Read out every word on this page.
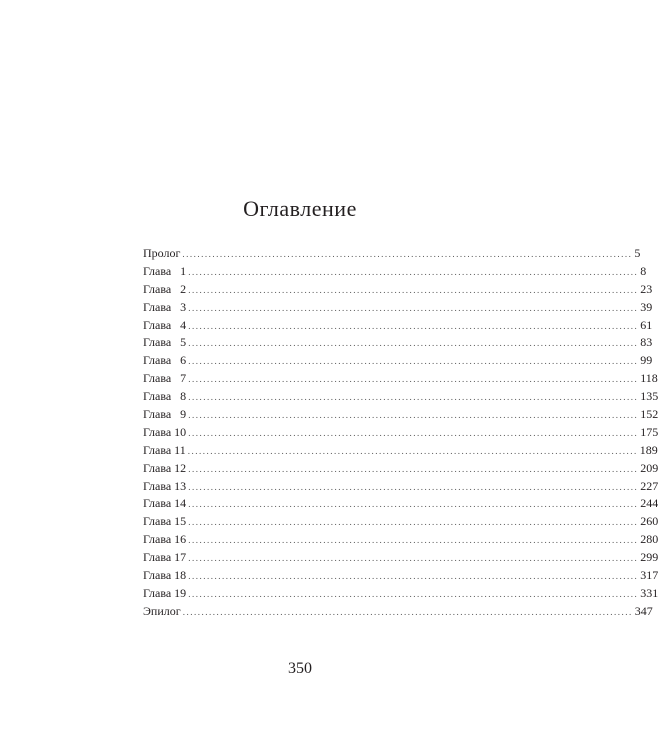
Оглавление
Пролог ........................................................................................................................ 5
Глава   1 ........................................................................................................................ 8
Глава   2 ........................................................................................................................ 23
Глава   3 ........................................................................................................................ 39
Глава   4 ........................................................................................................................ 61
Глава   5 ........................................................................................................................ 83
Глава   6 ........................................................................................................................ 99
Глава   7 ........................................................................................................................ 118
Глава   8 ........................................................................................................................ 135
Глава   9 ........................................................................................................................ 152
Глава 10 ........................................................................................................................ 175
Глава 11 ........................................................................................................................ 189
Глава 12 ........................................................................................................................ 209
Глава 13 ........................................................................................................................ 227
Глава 14 ........................................................................................................................ 244
Глава 15 ........................................................................................................................ 260
Глава 16 ........................................................................................................................ 280
Глава 17 ........................................................................................................................ 299
Глава 18 ........................................................................................................................ 317
Глава 19 ........................................................................................................................ 331
Эпилог ........................................................................................................................ 347
350
